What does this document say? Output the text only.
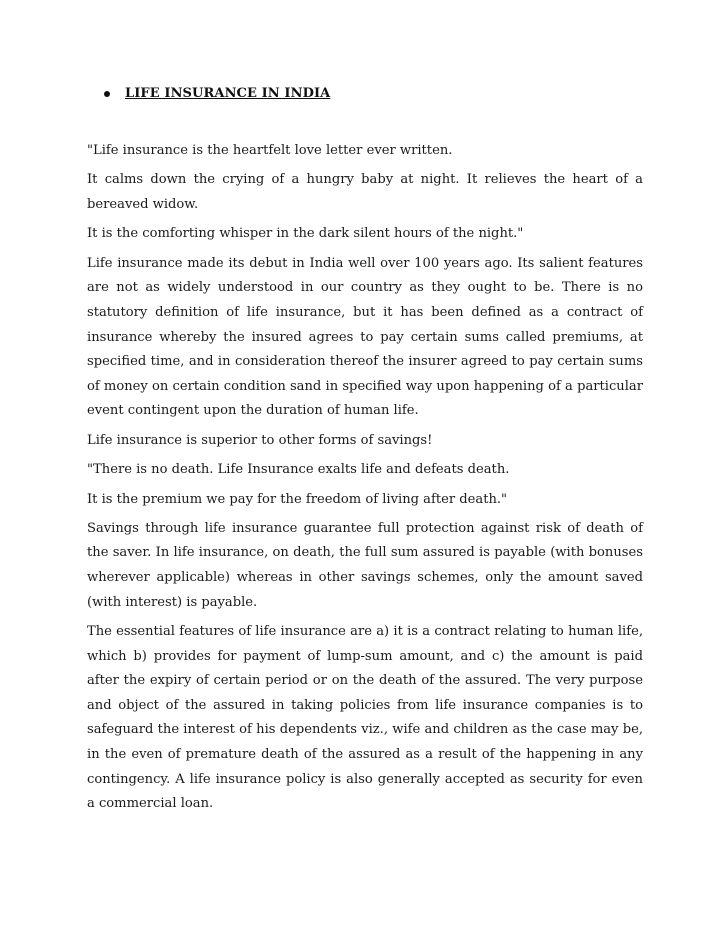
LIFE INSURANCE IN INDIA

"Life insurance is the heartfelt love letter ever written.

It calms down the crying of a hungry baby at night. It relieves the heart of a bereaved widow.

It is the comforting whisper in the dark silent hours of the night."

Life insurance made its debut in India well over 100 years ago. Its salient features are not as widely understood in our country as they ought to be. There is no statutory definition of life insurance, but it has been defined as a contract of insurance whereby the insured agrees to pay certain sums called premiums, at specified time, and in consideration thereof the insurer agreed to pay certain sums of money on certain condition sand in specified way upon happening of a particular event contingent upon the duration of human life.

Life insurance is superior to other forms of savings!

"There is no death. Life Insurance exalts life and defeats death.

It is the premium we pay for the freedom of living after death."

Savings through life insurance guarantee full protection against risk of death of the saver. In life insurance, on death, the full sum assured is payable (with bonuses wherever applicable) whereas in other savings schemes, only the amount saved (with interest) is payable.

The essential features of life insurance are a) it is a contract relating to human life, which b) provides for payment of lump-sum amount, and c) the amount is paid after the expiry of certain period or on the death of the assured. The very purpose and object of the assured in taking policies from life insurance companies is to safeguard the interest of his dependents viz., wife and children as the case may be, in the even of premature death of the assured as a result of the happening in any contingency. A life insurance policy is also generally accepted as security for even a commercial loan.
